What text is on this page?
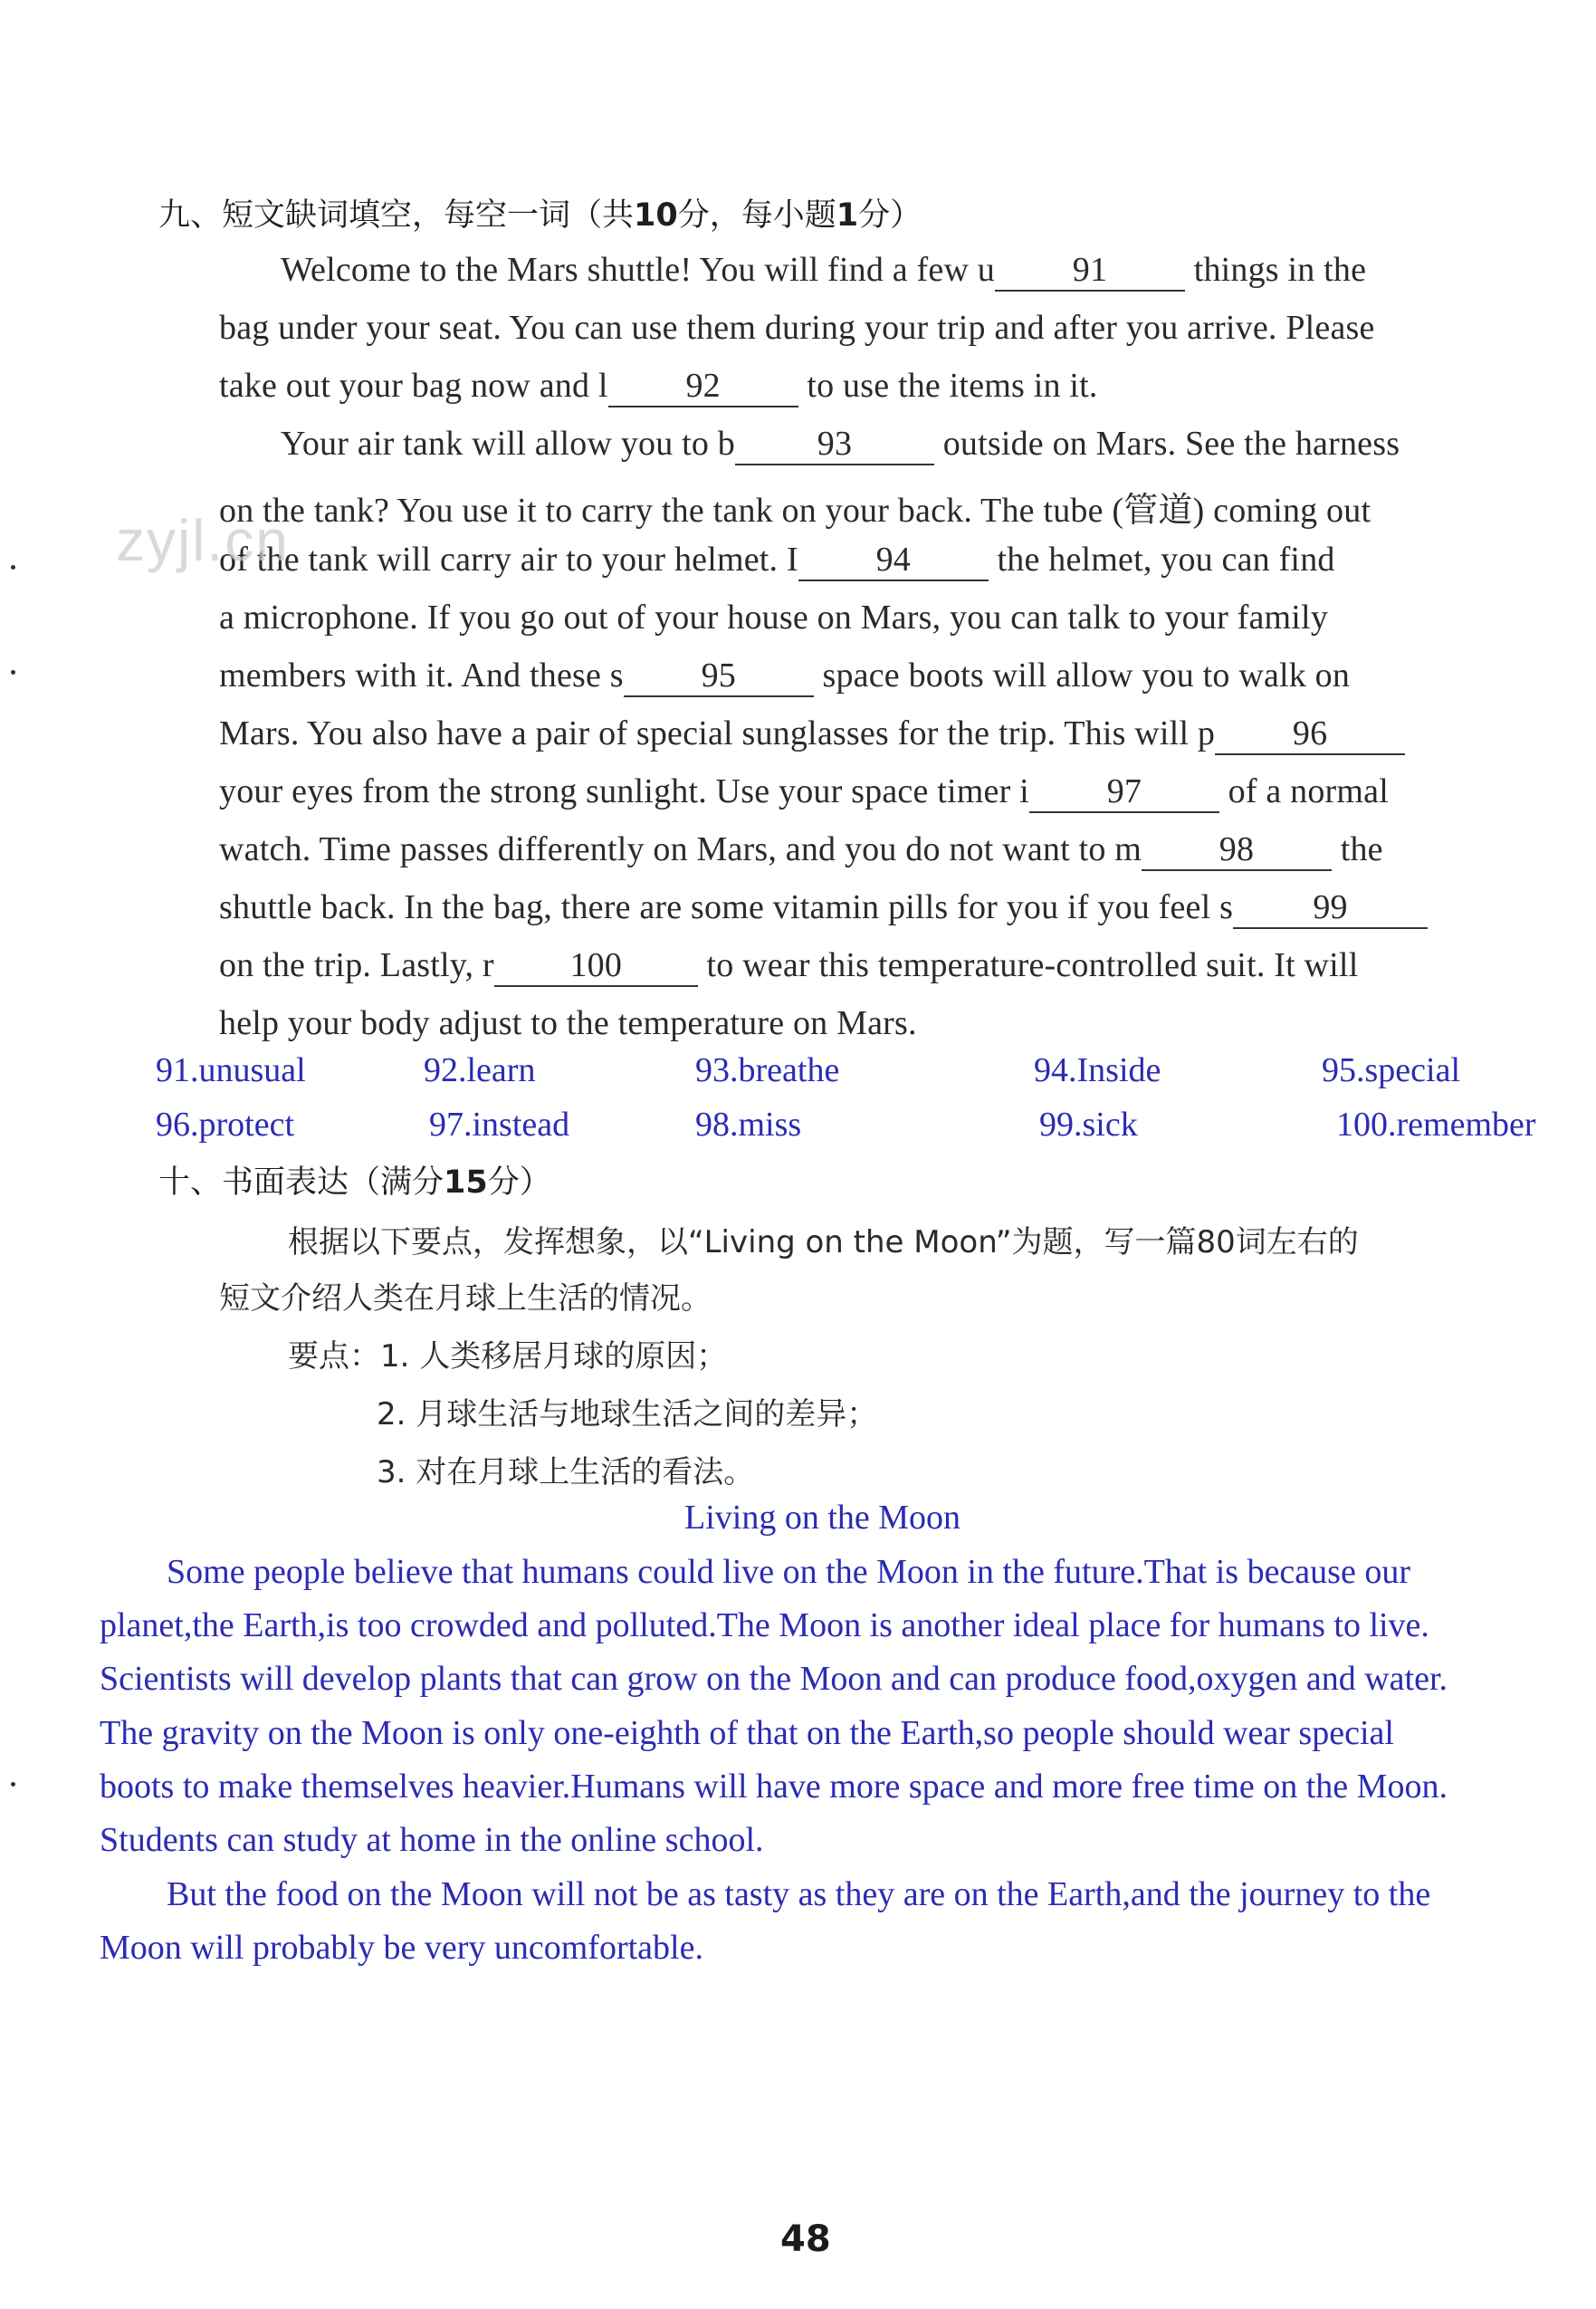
九、短文缺词填空，每空一词（共10分，每小题1分）
Welcome to the Mars shuttle! You will find a few u 91	things in the
bag under your seat. You can use them during your trip and after you arrive. Please
take out your bag now and l 92	to use the items in it.
Your air tank will allow you to b 93	outside on Mars. See the harness
on the tank? You use it to carry the tank on your back. The tube (管道) coming out
of the tank will carry air to your helmet. I 94	the helmet, you can find
a microphone. If you go out of your house on Mars, you can talk to your family
members with it. And these s 95	space boots will allow you to walk on
Mars. You also have a pair of special sunglasses for the trip. This will p 96
your eyes from the strong sunlight. Use your space timer i 97	of a normal
watch. Time passes differently on Mars, and you do not want to m 98	the
shuttle back. In the bag, there are some vitamin pills for you if you feel s 99
on the trip. Lastly, r 100 to wear this temperature-controlled suit. It will
help your body adjust to the temperature on Mars.
zyjl.cn
91.unusual	92.learn	93.breathe	94.Inside	95.special
96.protect	97.instead	98.miss	99.sick	100.remember
十、书面表达（满分15分）
根据以下要点，发挥想象，以“Living on the Moon”为题，写一篇80词左右的
短文介绍人类在月球上生活的情况。
要点：1. 人类移居月球的原因；
2. 月球生活与地球生活之间的差异；
3. 对在月球上生活的看法。
Living on the Moon
Some people believe that humans could live on the Moon in the future.That is because our
planet,the Earth,is too crowded and polluted.The Moon is another ideal place for humans to live.
Scientists will develop plants that can grow on the Moon and can produce food,oxygen and water.
The gravity on the Moon is only one-eighth of that on the Earth,so people should wear special
boots to make themselves heavier.Humans will have more space and more free time on the Moon.
Students can study at home in the online school.
But the food on the Moon will not be as tasty as they are on the Earth,and the journey to the
Moon will probably be very uncomfortable.
48
